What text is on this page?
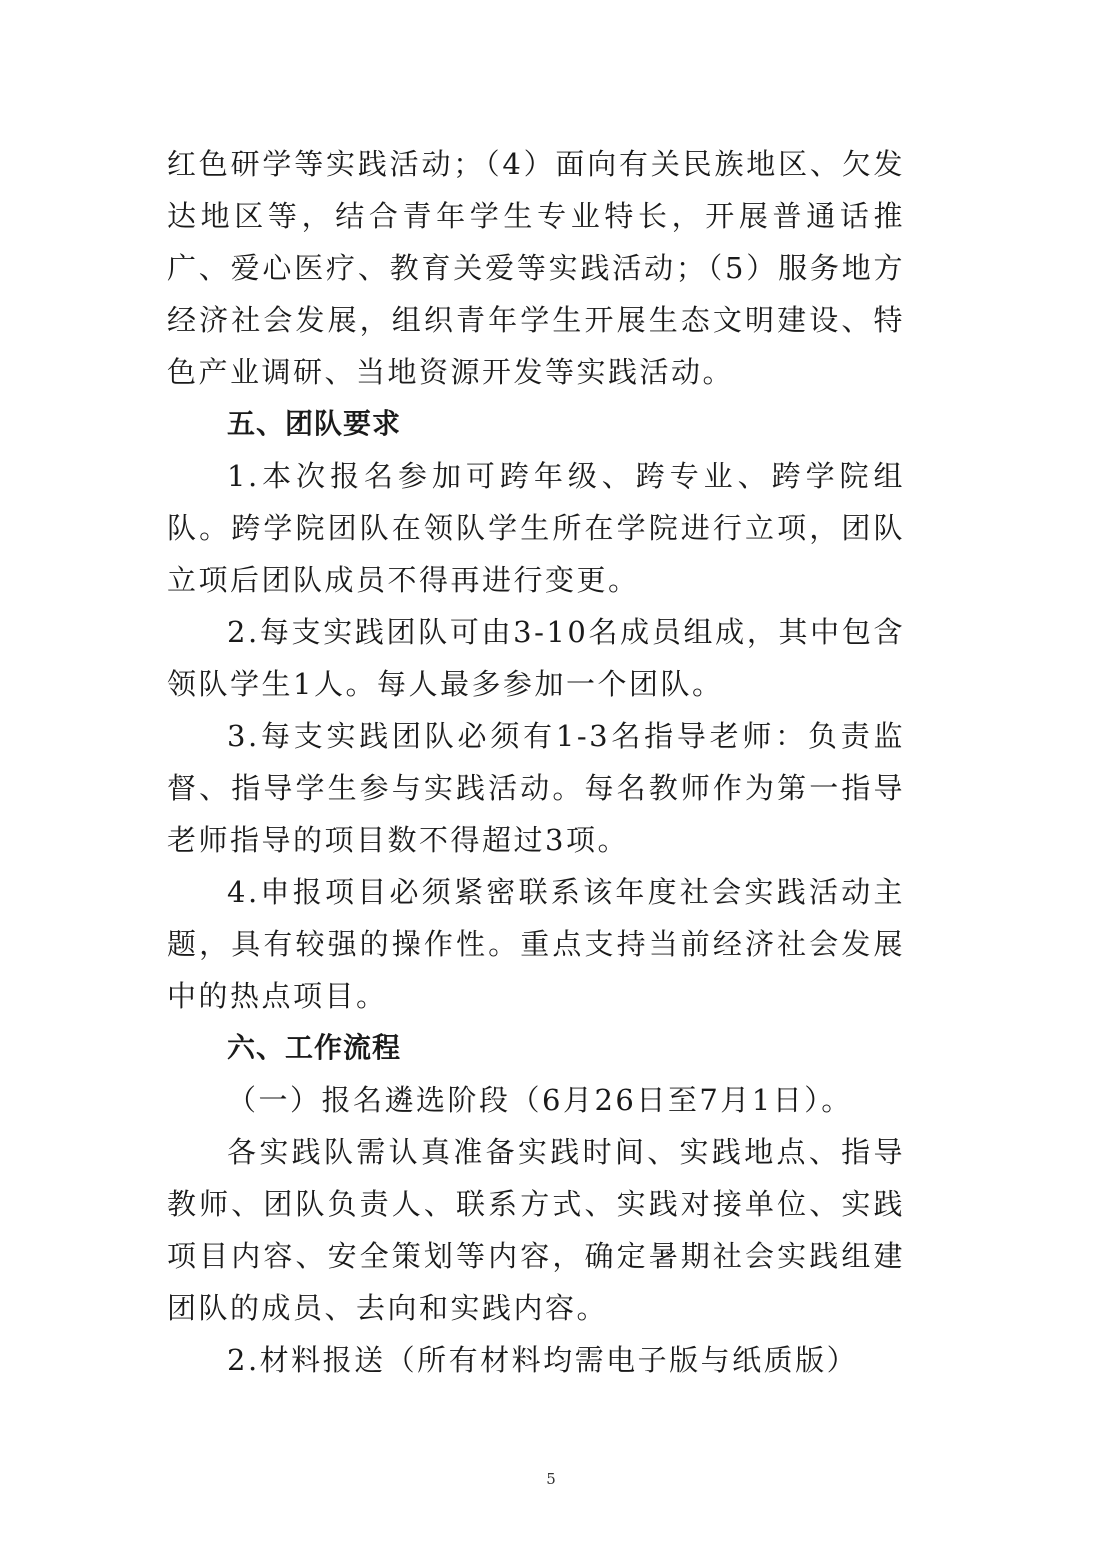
红色研学等实践活动；（4）面向有关民族地区、欠发达地区等，结合青年学生专业特长，开展普通话推广、爱心医疗、教育关爱等实践活动；（5）服务地方经济社会发展，组织青年学生开展生态文明建设、特色产业调研、当地资源开发等实践活动。

五、团队要求

1.本次报名参加可跨年级、跨专业、跨学院组队。跨学院团队在领队学生所在学院进行立项，团队立项后团队成员不得再进行变更。

2.每支实践团队可由3-10名成员组成，其中包含领队学生1人。每人最多参加一个团队。

3.每支实践团队必须有1-3名指导老师：负责监督、指导学生参与实践活动。每名教师作为第一指导老师指导的项目数不得超过3项。

4.申报项目必须紧密联系该年度社会实践活动主题，具有较强的操作性。重点支持当前经济社会发展中的热点项目。

六、工作流程

（一）报名遴选阶段（6月26日至7月1日）。

各实践队需认真准备实践时间、实践地点、指导教师、团队负责人、联系方式、实践对接单位、实践项目内容、安全策划等内容，确定暑期社会实践组建团队的成员、去向和实践内容。

2.材料报送（所有材料均需电子版与纸质版）

5
